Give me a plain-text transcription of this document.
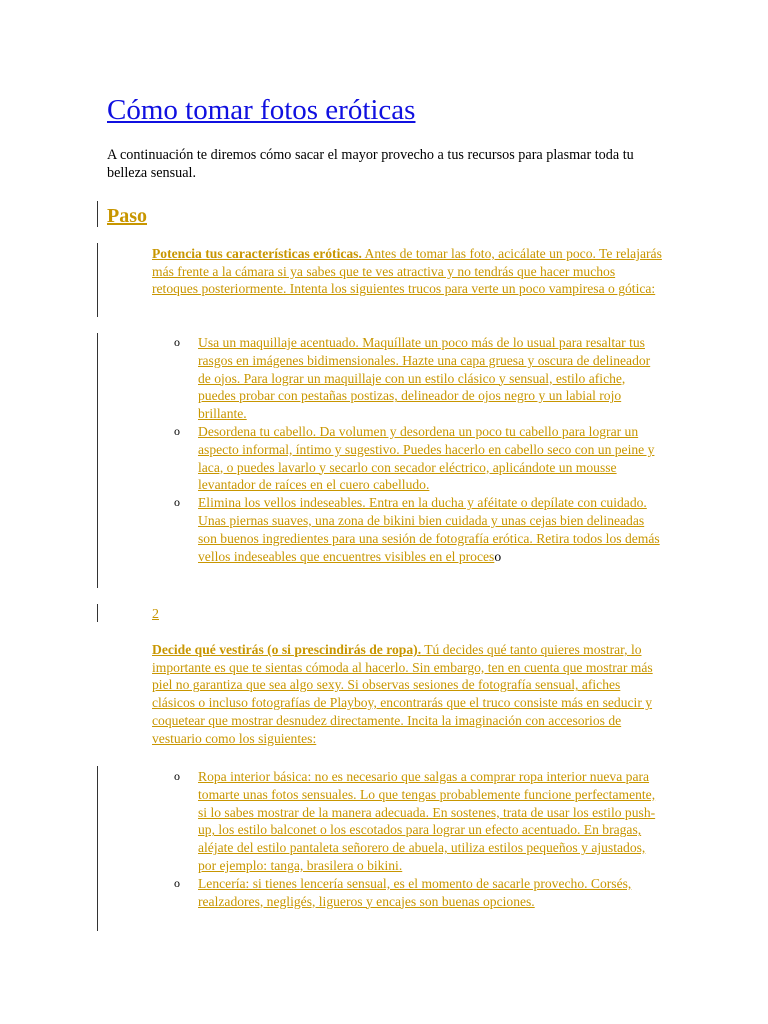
Cómo tomar fotos eróticas

A continuación te diremos cómo sacar el mayor provecho a tus recursos para plasmar toda tu belleza sensual.

Paso

Potencia tus características eróticas. Antes de tomar las foto, acicálate un poco. Te relajarás más frente a la cámara si ya sabes que te ves atractiva y no tendrás que hacer muchos retoques posteriormente. Intenta los siguientes trucos para verte un poco vampiresa o gótica:

o Usa un maquillaje acentuado. Maquíllate un poco más de lo usual para resaltar tus rasgos en imágenes bidimensionales. Hazte una capa gruesa y oscura de delineador de ojos. Para lograr un maquillaje con un estilo clásico y sensual, estilo afiche, puedes probar con pestañas postizas, delineador de ojos negro y un labial rojo brillante.
o Desordena tu cabello. Da volumen y desordena un poco tu cabello para lograr un aspecto informal, íntimo y sugestivo. Puedes hacerlo en cabello seco con un peine y laca, o puedes lavarlo y secarlo con secador eléctrico, aplicándote un mousse levantador de raíces en el cuero cabelludo.
o Elimina los vellos indeseables. Entra en la ducha y aféitate o depílate con cuidado. Unas piernas suaves, una zona de bikini bien cuidada y unas cejas bien delineadas son buenos ingredientes para una sesión de fotografía erótica. Retira todos los demás vellos indeseables que encuentres visibles en el proceso
2

Decide qué vestirás (o si prescindirás de ropa). Tú decides qué tanto quieres mostrar, lo importante es que te sientas cómoda al hacerlo. Sin embargo, ten en cuenta que mostrar más piel no garantiza que sea algo sexy. Si observas sesiones de fotografía sensual, afiches clásicos o incluso fotografías de Playboy, encontrarás que el truco consiste más en seducir y coquetear que mostrar desnudez directamente. Incita la imaginación con accesorios de vestuario como los siguientes:

o Ropa interior básica: no es necesario que salgas a comprar ropa interior nueva para tomarte unas fotos sensuales. Lo que tengas probablemente funcione perfectamente, si lo sabes mostrar de la manera adecuada. En sostenes, trata de usar los estilo push-up, los estilo balconet o los escotados para lograr un efecto acentuado. En bragas, aléjate del estilo pantaleta señorero de abuela, utiliza estilos pequeños y ajustados, por ejemplo: tanga, brasilera o bikini.
o Lencería: si tienes lencería sensual, es el momento de sacarle provecho. Corsés, realzadores, negligés, ligueros y encajes son buenas opciones.
